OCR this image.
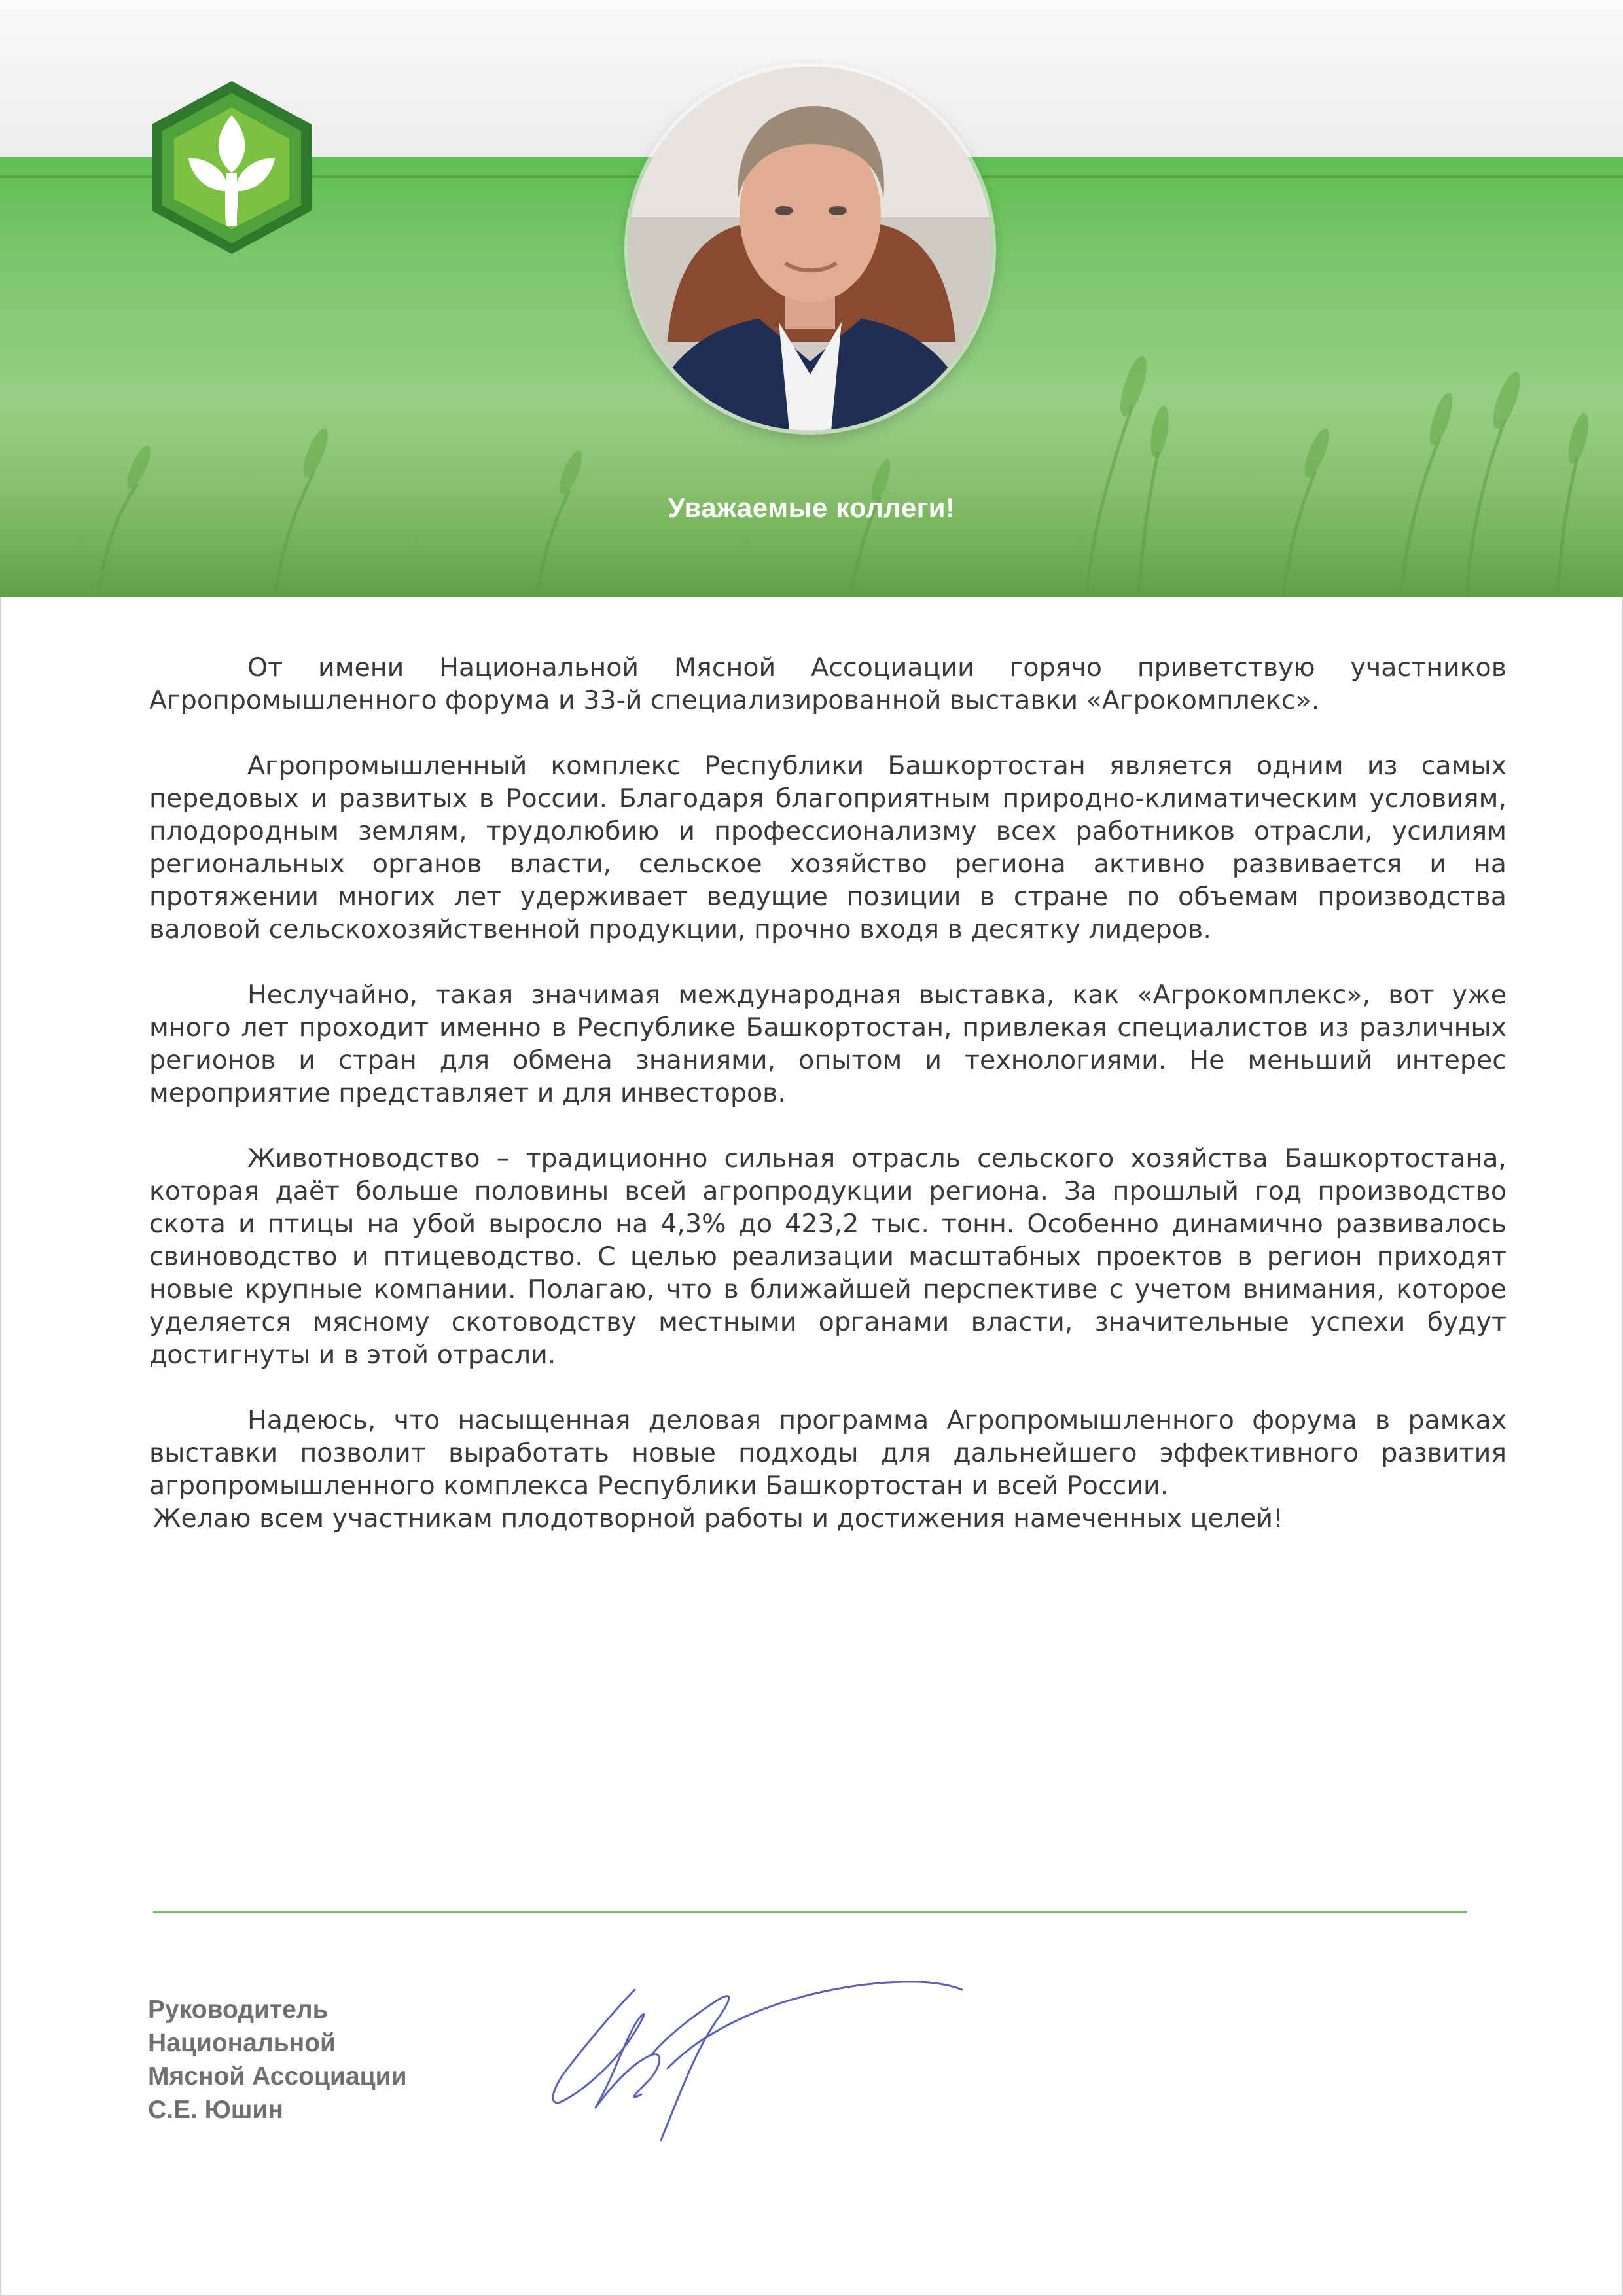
Уважаемые коллеги!

От имени Национальной Мясной Ассоциации горячо приветствую участников Агропромышленного форума и 33-й специализированной выставки «Агрокомплекс».

Агропромышленный комплекс Республики Башкортостан является одним из самых передовых и развитых в России. Благодаря благоприятным природно-климатическим условиям, плодородным землям, трудолюбию и профессионализму всех работников отрасли, усилиям региональных органов власти, сельское хозяйство региона активно развивается и на протяжении многих лет удерживает ведущие позиции в стране по объемам производства валовой сельскохозяйственной продукции, прочно входя в десятку лидеров.

Неслучайно, такая значимая международная выставка, как «Агрокомплекс», вот уже много лет проходит именно в Республике Башкортостан, привлекая специалистов из различных регионов и стран для обмена знаниями, опытом и технологиями. Не меньший интерес мероприятие представляет и для инвесторов.

Животноводство – традиционно сильная отрасль сельского хозяйства Башкортостана, которая даёт больше половины всей агропродукции региона. За прошлый год производство скота и птицы на убой выросло на 4,3% до 423,2 тыс. тонн. Особенно динамично развивалось свиноводство и птицеводство. С целью реализации масштабных проектов в регион приходят новые крупные компании. Полагаю, что в ближайшей перспективе с учетом внимания, которое уделяется мясному скотоводству местными органами власти, значительные успехи будут достигнуты и в этой отрасли.

Надеюсь, что насыщенная деловая программа Агропромышленного форума в рамках выставки позволит выработать новые подходы для дальнейшего эффективного развития агропромышленного комплекса Республики Башкортостан и всей России.

Желаю всем участникам плодотворной работы и достижения намеченных целей!

Руководитель
Национальной
Мясной Ассоциации
С.Е. Юшин
